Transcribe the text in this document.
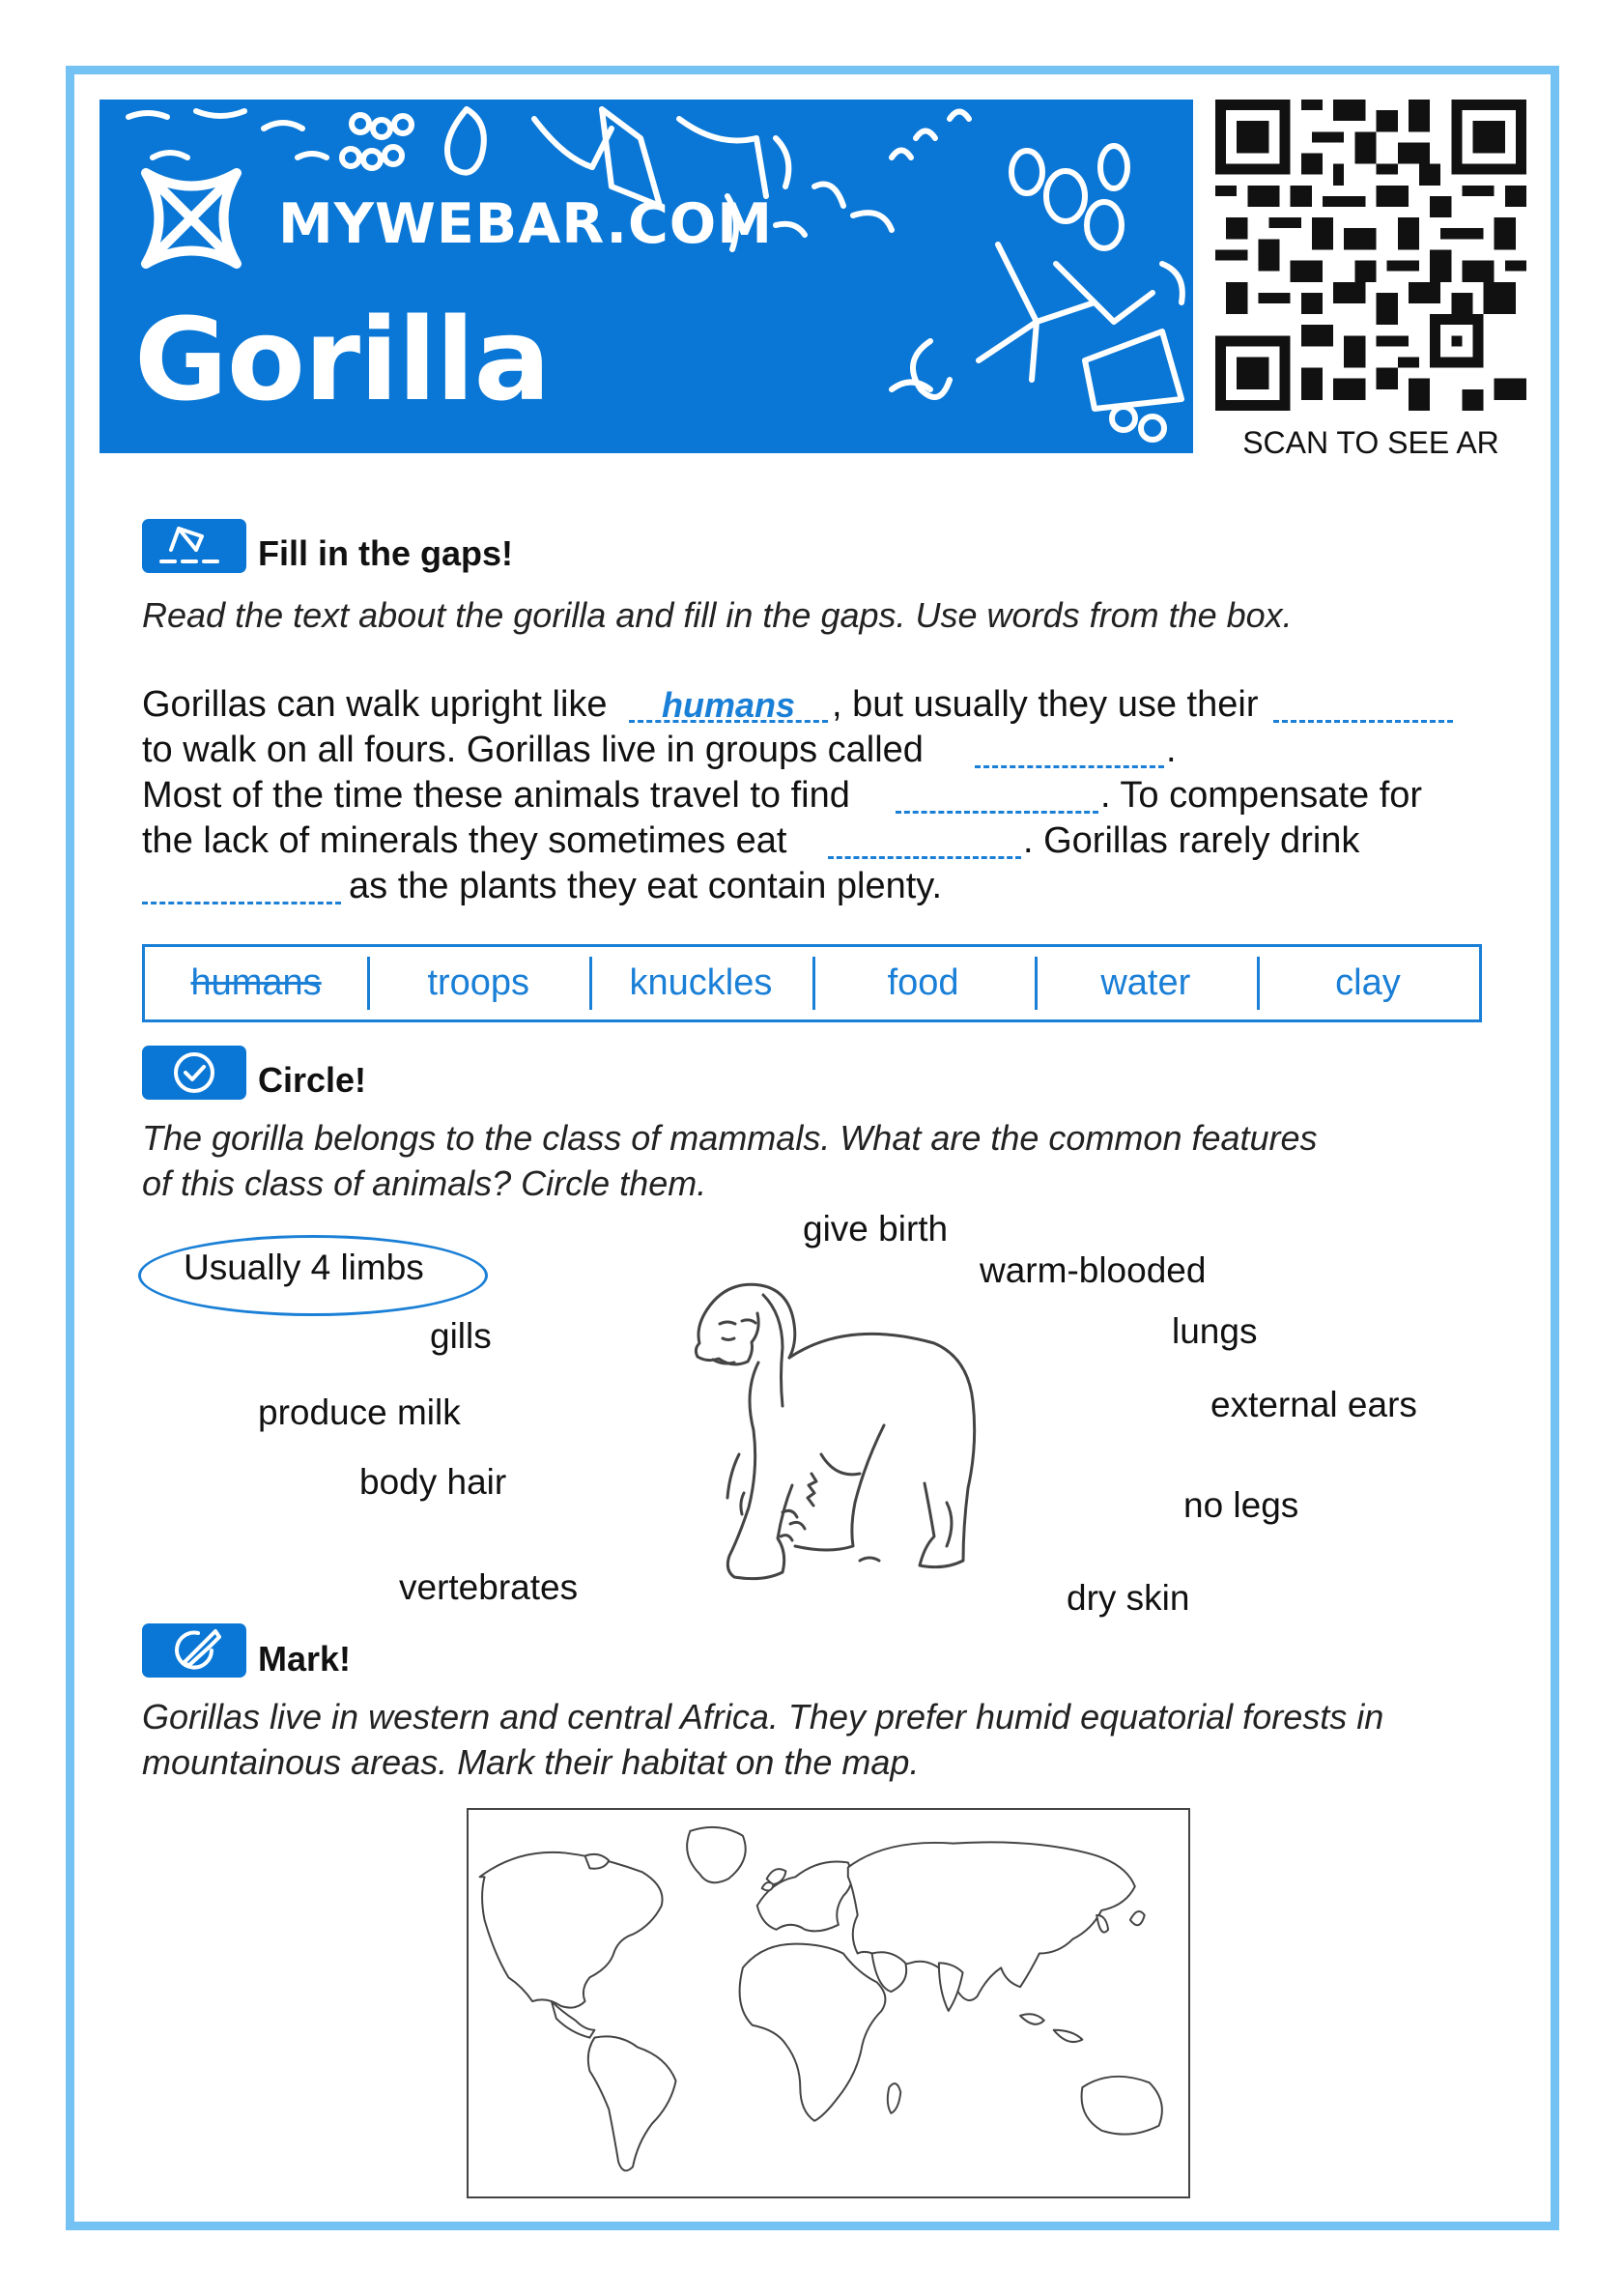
MYWEBAR.COM
Gorilla
SCAN TO SEE AR
Fill in the gaps!
Read the text about the gorilla and fill in the gaps. Use words from the box.
Gorillas can walk upright like	humans , but usually they use their
to walk on all fours. Gorillas live in groups called	.
Most of the time these animals travel to find	. To compensate for
the lack of minerals they sometimes eat	. Gorillas rarely drink
as the plants they eat contain plenty.
humans	troops	knuckles	food	water	clay
Circle!
The gorilla belongs to the class of mammals. What are the common features
of this class of animals? Circle them.
Usually 4 limbs
gills
produce milk
body hair
vertebrates
give birth
warm-blooded
lungs
external ears
no legs
dry skin
Mark!
Gorillas live in western and central Africa. They prefer humid equatorial forests in
mountainous areas. Mark their habitat on the map.
